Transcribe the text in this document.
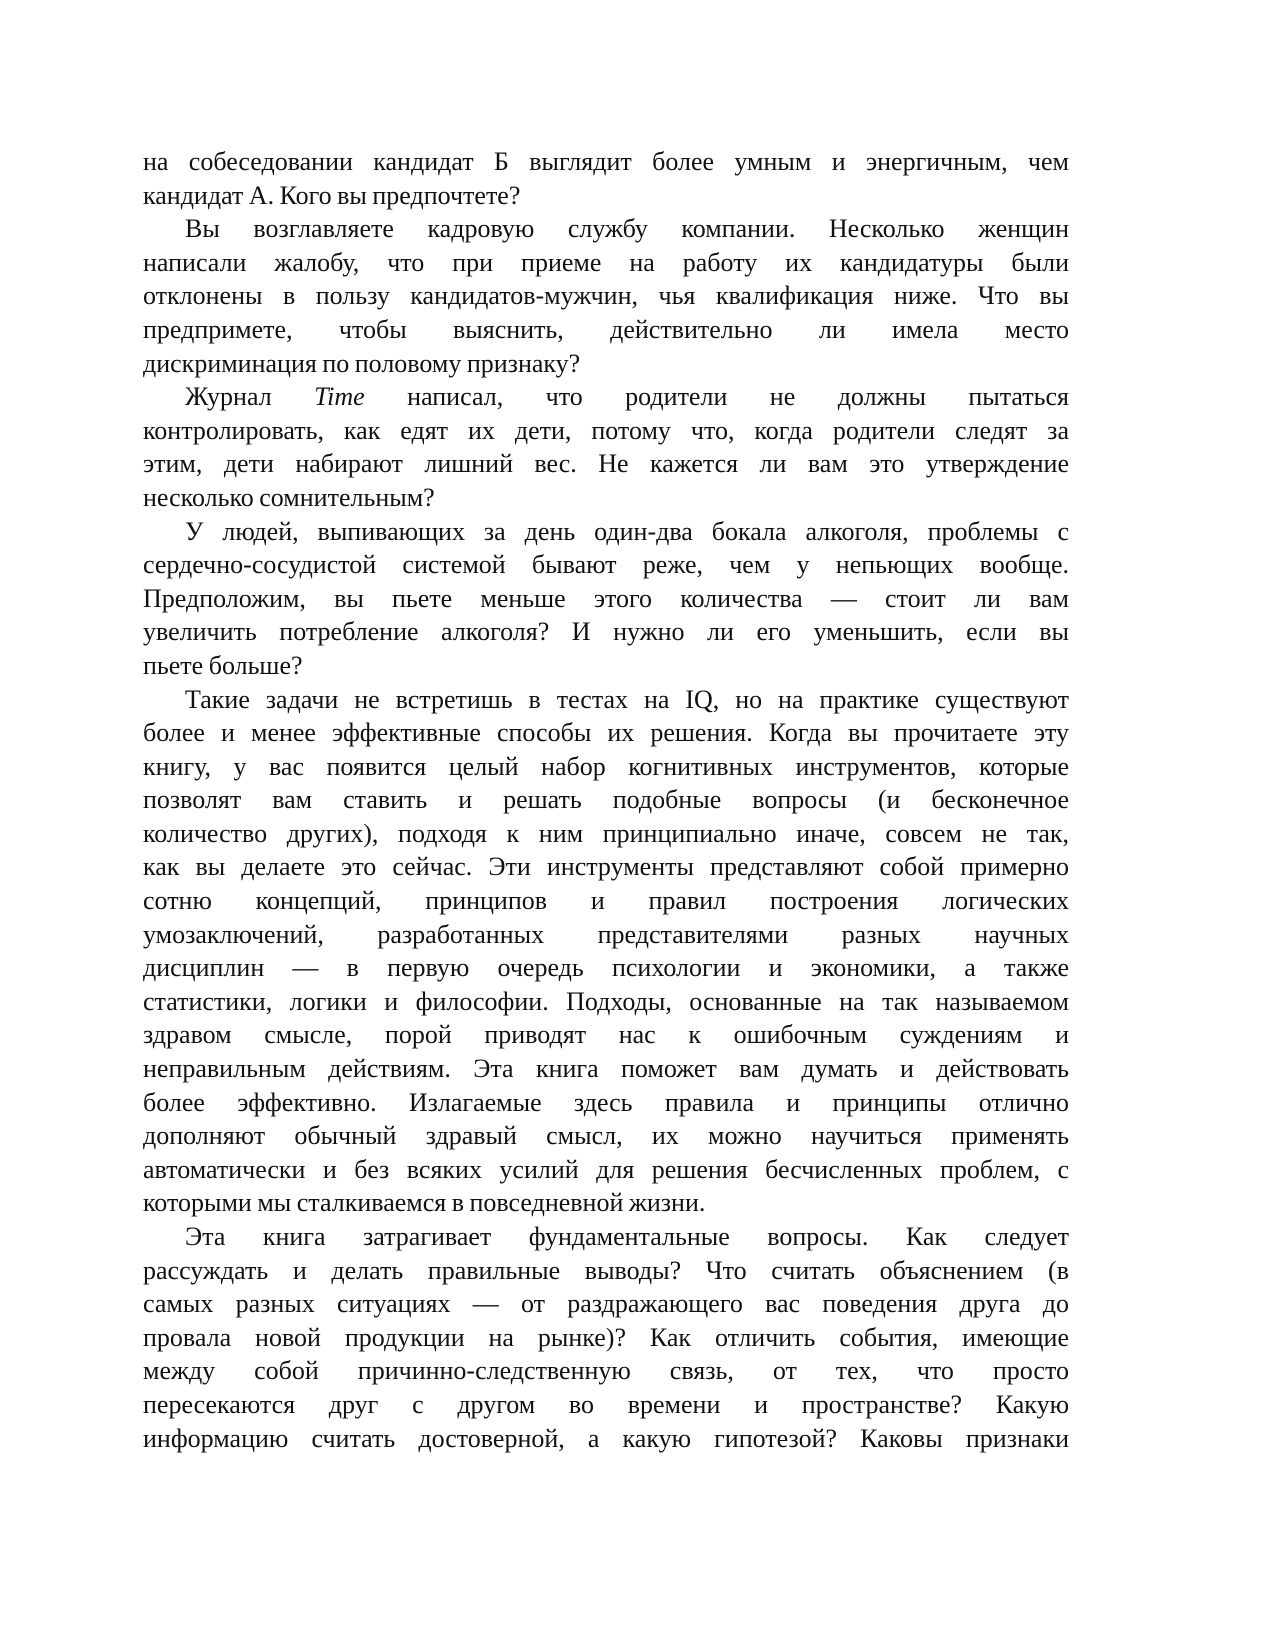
на собеседовании кандидат Б выглядит более умным и энергичным, чем
кандидат А. Кого вы предпочтете?
Вы возглавляете кадровую службу компании. Несколько женщин
написали жалобу, что при приеме на работу их кандидатуры были
отклонены в пользу кандидатов-мужчин, чья квалификация ниже. Что вы
предпримете, чтобы выяснить, действительно ли имела место
дискриминация по половому признаку?
Журнал Time написал, что родители не должны пытаться
контролировать, как едят их дети, потому что, когда родители следят за
этим, дети набирают лишний вес. Не кажется ли вам это утверждение
несколько сомнительным?
У людей, выпивающих за день один-два бокала алкоголя, проблемы с
сердечно-сосудистой системой бывают реже, чем у непьющих вообще.
Предположим, вы пьете меньше этого количества — стоит ли вам
увеличить потребление алкоголя? И нужно ли его уменьшить, если вы
пьете больше?
Такие задачи не встретишь в тестах на IQ, но на практике существуют
более и менее эффективные способы их решения. Когда вы прочитаете эту
книгу, у вас появится целый набор когнитивных инструментов, которые
позволят вам ставить и решать подобные вопросы (и бесконечное
количество других), подходя к ним принципиально иначе, совсем не так,
как вы делаете это сейчас. Эти инструменты представляют собой примерно
сотню концепций, принципов и правил построения логических
умозаключений, разработанных представителями разных научных
дисциплин — в первую очередь психологии и экономики, а также
статистики, логики и философии. Подходы, основанные на так называемом
здравом смысле, порой приводят нас к ошибочным суждениям и
неправильным действиям. Эта книга поможет вам думать и действовать
более эффективно. Излагаемые здесь правила и принципы отлично
дополняют обычный здравый смысл, их можно научиться применять
автоматически и без всяких усилий для решения бесчисленных проблем, с
которыми мы сталкиваемся в повседневной жизни.
Эта книга затрагивает фундаментальные вопросы. Как следует
рассуждать и делать правильные выводы? Что считать объяснением (в
самых разных ситуациях — от раздражающего вас поведения друга до
провала новой продукции на рынке)? Как отличить события, имеющие
между собой причинно-следственную связь, от тех, что просто
пересекаются друг с другом во времени и пространстве? Какую
информацию считать достоверной, а какую гипотезой? Каковы признаки
